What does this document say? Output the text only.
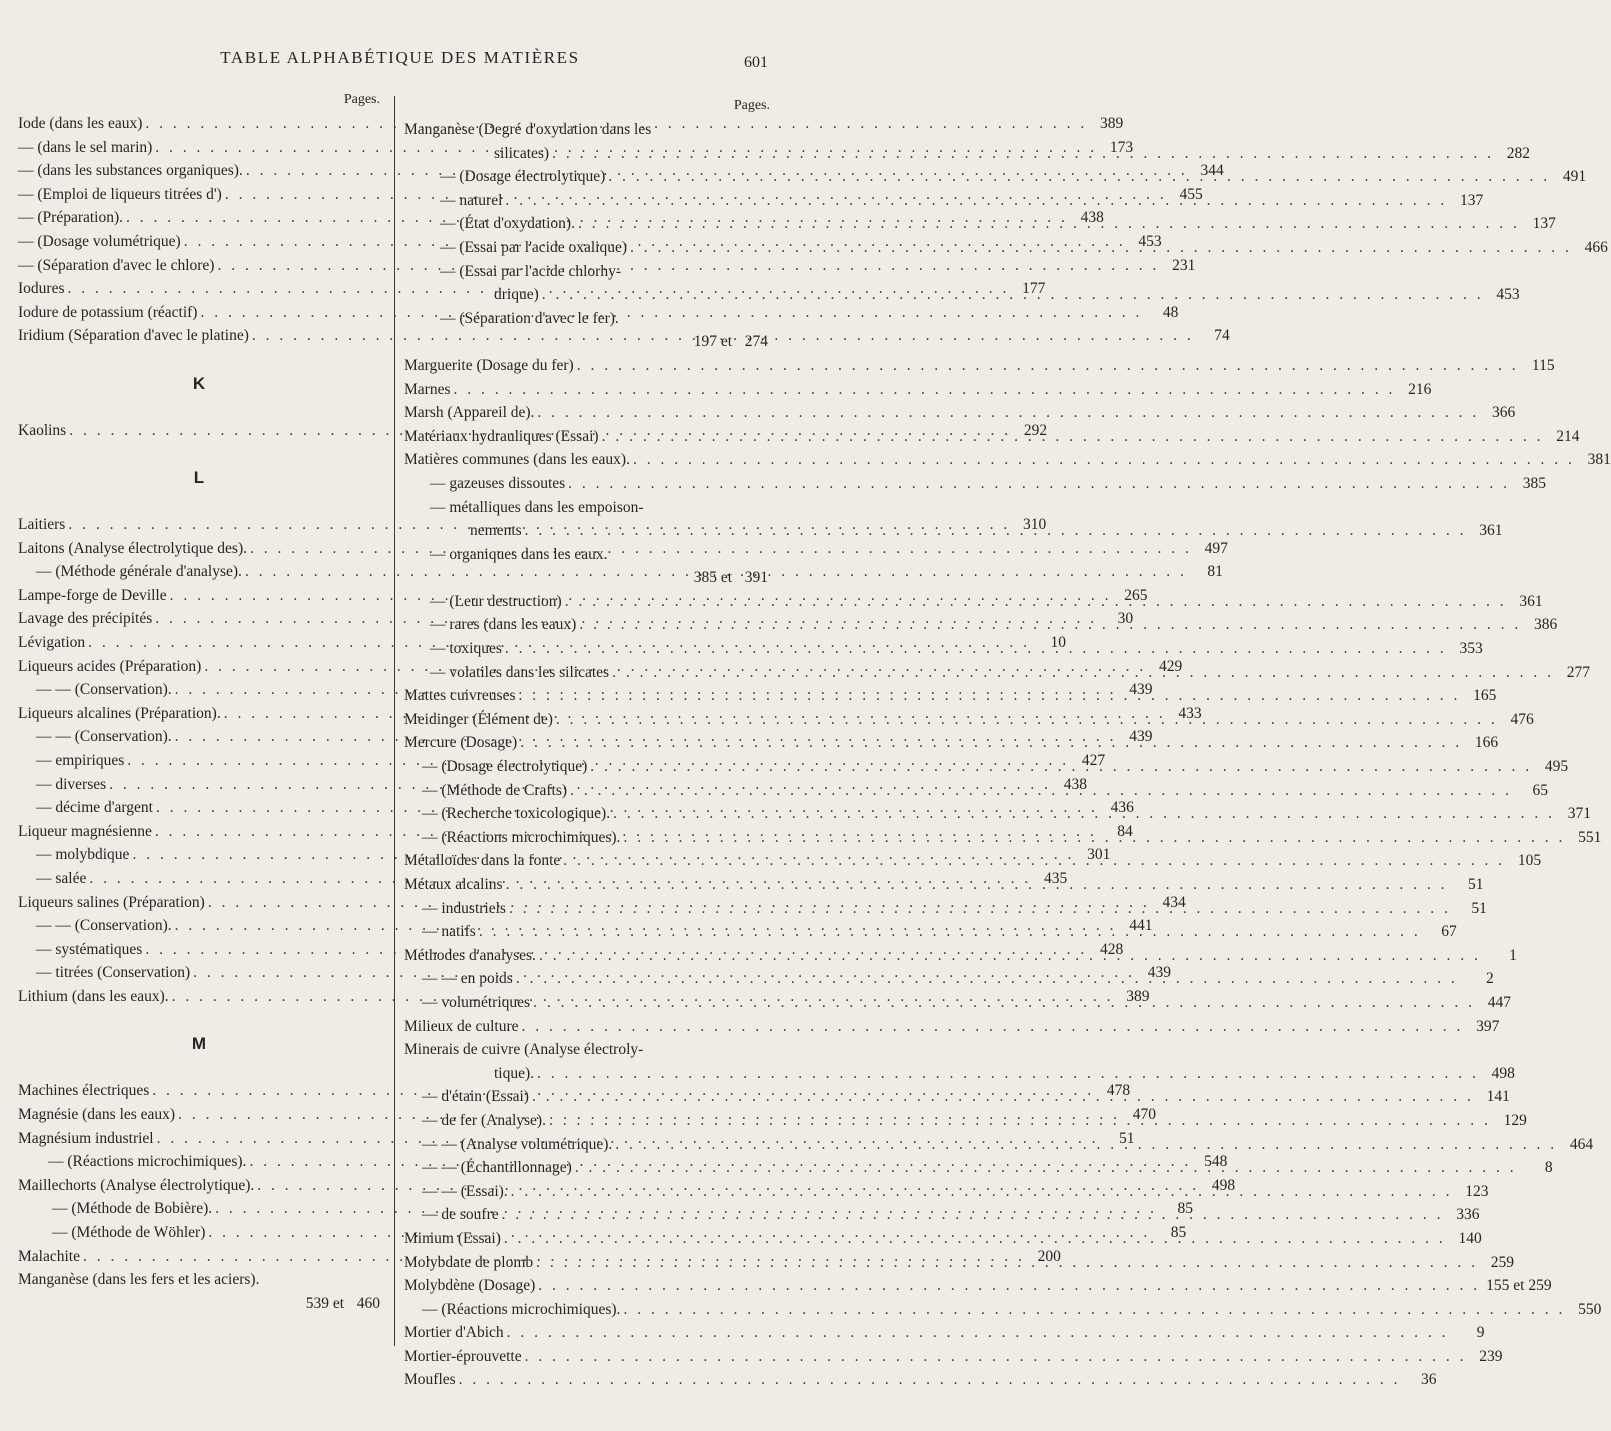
TABLE ALPHABÉTIQUE DES MATIÈRES	601
Pages.
Iode (dans les eaux) . . .	389
— (dans le sel marin) . . .	173
— (dans les substances organiques). . . .	344
— (Emploi de liqueurs titrées d') . . .	455
— (Préparation). . . .	438
— (Dosage volumétrique) . . .	453
— (Séparation d'avec le chlore) . . .	231
Iodures . . .	177
Iodure de potassium (réactif) . . .	48
Iridium (Séparation d'avec le platine) . . .	74
K
Kaolins . . .	292
L
Laitiers . . .	310
Laitons (Analyse électrolytique des). . . .	497
— (Méthode générale d'analyse). . . .	81
Lampe-forge de Deville . . .	265
Lavage des précipités . . .	30
Lévigation . . .	10
Liqueurs acides (Préparation) . . .	429
— — (Conservation). . . .	439
Liqueurs alcalines (Préparation). . . .	433
— — (Conservation). . . .	439
— empiriques . . .	427
— diverses . . .	438
— décime d'argent . . .	436
Liqueur magnésienne . . .	84
— molybdique . . .	301
— salée . . .	435
Liqueurs salines (Préparation) . . .	434
— — (Conservation). . . .	441
— systématiques . . .	428
— titrées (Conservation) . . .	439
Lithium (dans les eaux). . . .	389
M
Machines électriques . . .	478
Magnésie (dans les eaux) . . .	470
Magnésium industriel . . .	51
— (Réactions microchimiques). . . .	548
Maillechorts (Analyse électrolytique). . . .	498
— (Méthode de Bobière). . . .	85
— (Méthode de Wöhler) . . .	85
Malachite . . .	200
Manganèse (dans les fers et les aciers).
539 et 460
Pages.
Manganèse (Degré d'oxydation dans les
silicates) . . .	282
— (Dosage électrolytique) . . .	491
— naturel . . .	137
— (État d'oxydation). . . .	137
— (Essai par l'acide oxalique) . . .	466
— (Essai par l'acide chlorhy-
drique) . . .	453
— (Séparation d'avec le fer).
197 et 274
Marguerite (Dosage du fer) . . .	115
Marnes . . .	216
Marsh (Appareil de). . . .	366
Matériaux hydrauliques (Essai) . . .	214
Matières communes (dans les eaux). . . .	381
— gazeuses dissoutes . . .	385
— métalliques dans les empoison-
nements . . .	361
— organiques dans les eaux.
385 et 391
— (Leur destruction) . . .	361
— rares (dans les eaux) . . .	386
— toxiques . . .	353
— volatiles dans les silicates . . .	277
Mattes cuivreuses . . .	165
Meidinger (Élément de) . . .	476
Mercure (Dosage) . . .	166
— (Dosage électrolytique) . . .	495
— (Méthode de Crafts) . . .	65
— (Recherche toxicologique). . . .	371
— (Réactions microchimiques). . . .	551
Métalloïdes dans la fonte . . .	105
Métaux alcalins . . .	51
— industriels . . .	51
— natifs . . .	67
Méthodes d'analyses. . . .	1
— — en poids . . .	2
— volumétriques . . .	447
Milieux de culture . . .	397
Minerais de cuivre (Analyse électroly-
tique). . . .	498
— d'étain (Essai) . . .	141
— de fer (Analyse). . . .	129
— — (Analyse volumétrique). . . .	464
— — (Échantillonnage) . . .	8
— — (Essai). . . .	123
— de soufre . . .	336
Minium (Essai) . . .	140
Molybdate de plomb . . .	259
Molybdène (Dosage) . . .	155 et 259
— (Réactions microchimiques). . . .	550
Mortier d'Abich . . .	9
Mortier-éprouvette . . .	239
Moufles . . .	36
